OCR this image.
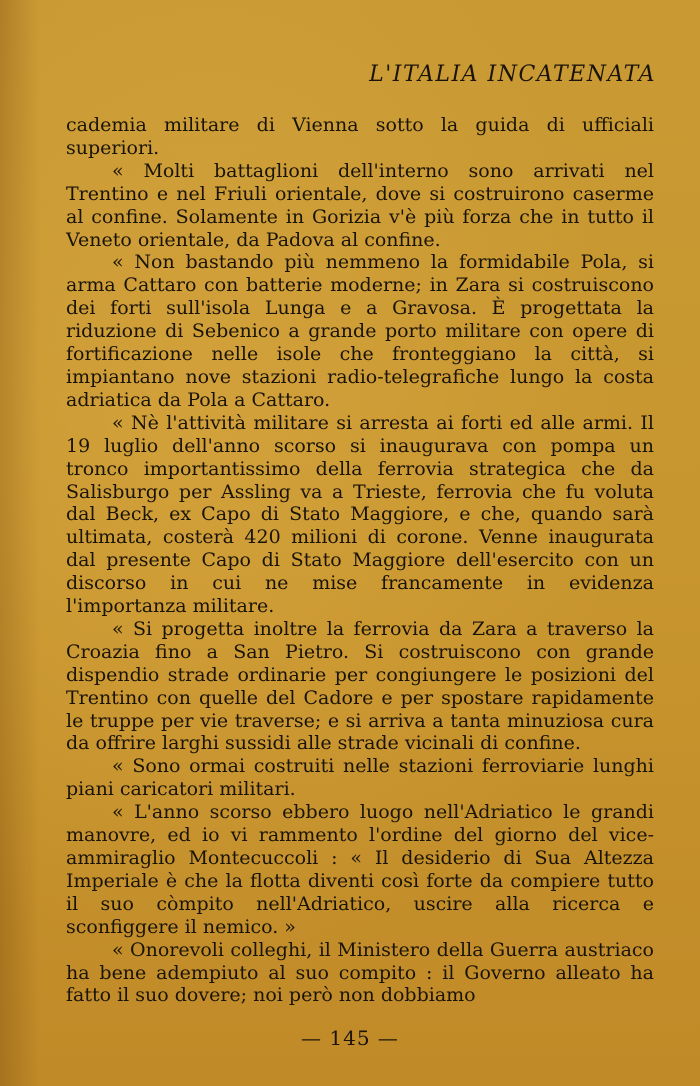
L'ITALIA INCATENATA

cademia militare di Vienna sotto la guida di ufficiali superiori.

« Molti battaglioni dell'interno sono arrivati nel Trentino e nel Friuli orientale, dove si costruirono caserme al confine. Solamente in Gorizia v'è più forza che in tutto il Veneto orientale, da Padova al confine.

« Non bastando più nemmeno la formidabile Pola, si arma Cattaro con batterie moderne; in Zara si costruiscono dei forti sull'isola Lunga e a Gravosa. È progettata la riduzione di Sebenico a grande porto militare con opere di fortificazione nelle isole che fronteggiano la città, si impiantano nove stazioni radio-telegrafiche lungo la costa adriatica da Pola a Cattaro.

« Nè l'attività militare si arresta ai forti ed alle armi. Il 19 luglio dell'anno scorso si inaugurava con pompa un tronco importantissimo della ferrovia strategica che da Salisburgo per Assling va a Trieste, ferrovia che fu voluta dal Beck, ex Capo di Stato Maggiore, e che, quando sarà ultimata, costerà 420 milioni di corone. Venne inaugurata dal presente Capo di Stato Maggiore dell'esercito con un discorso in cui ne mise francamente in evidenza l'importanza militare.

« Si progetta inoltre la ferrovia da Zara a traverso la Croazia fino a San Pietro. Si costruiscono con grande dispendio strade ordinarie per congiungere le posizioni del Trentino con quelle del Cadore e per spostare rapidamente le truppe per vie traverse; e si arriva a tanta minuziosa cura da offrire larghi sussidi alle strade vicinali di confine.

« Sono ormai costruiti nelle stazioni ferroviarie lunghi piani caricatori militari.

« L'anno scorso ebbero luogo nell'Adriatico le grandi manovre, ed io vi rammento l'ordine del giorno del vice-ammiraglio Montecuccoli : « Il desiderio di Sua Altezza Imperiale è che la flotta diventi così forte da compiere tutto il suo còmpito nell'Adriatico, uscire alla ricerca e sconfiggere il nemico. »

« Onorevoli colleghi, il Ministero della Guerra austriaco ha bene adempiuto al suo compito : il Governo alleato ha fatto il suo dovere; noi però non dobbiamo

— 145 —
